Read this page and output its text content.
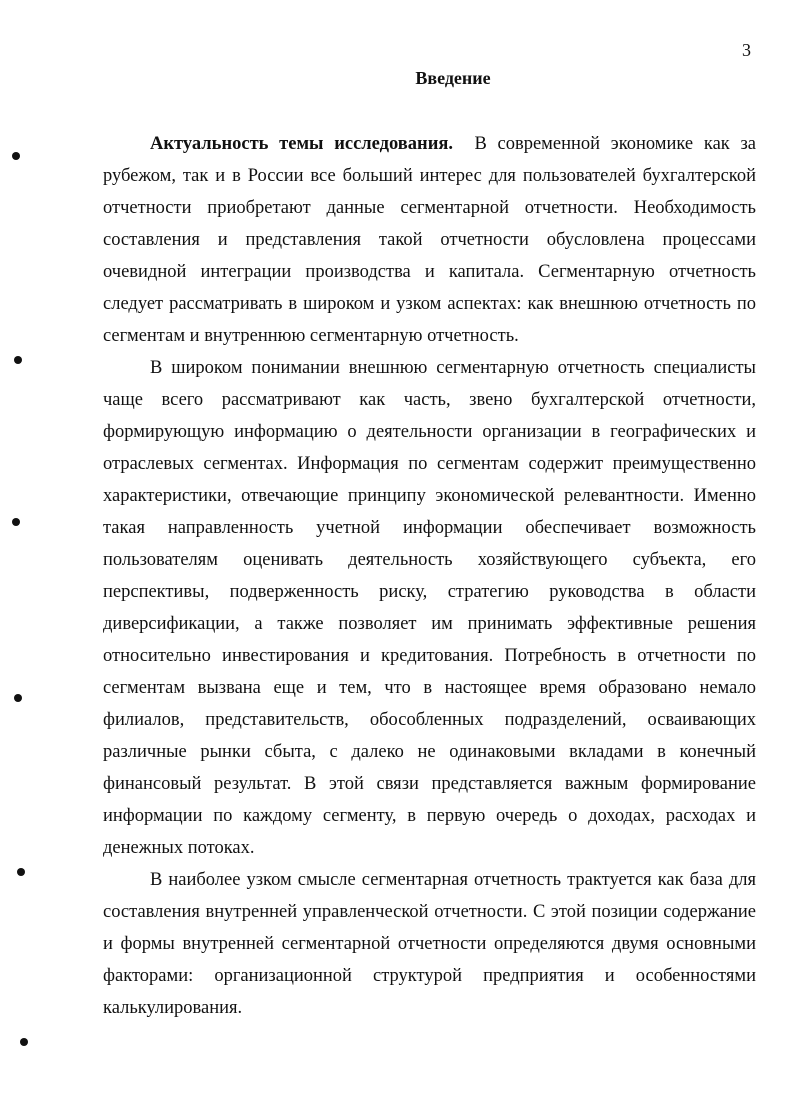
3
Введение

Актуальность темы исследования. В современной экономике как за рубежом, так и в России все больший интерес для пользователей бухгалтерской отчетности приобретают данные сегментарной отчетности. Необходимость составления и представления такой отчетности обусловлена процессами очевидной интеграции производства и капитала. Сегментарную отчетность следует рассматривать в широком и узком аспектах: как внешнюю отчетность по сегментам и внутреннюю сегментарную отчетность.

В широком понимании внешнюю сегментарную отчетность специалисты чаще всего рассматривают как часть, звено бухгалтерской отчетности, формирующую информацию о деятельности организации в географических и отраслевых сегментах. Информация по сегментам содержит преимущественно характеристики, отвечающие принципу экономической релевантности. Именно такая направленность учетной информации обеспечивает возможность пользователям оценивать деятельность хозяйствующего субъекта, его перспективы, подверженность риску, стратегию руководства в области диверсификации, а также позволяет им принимать эффективные решения относительно инвестирования и кредитования. Потребность в отчетности по сегментам вызвана еще и тем, что в настоящее время образовано немало филиалов, представительств, обособленных подразделений, осваивающих различные рынки сбыта, с далеко не одинаковыми вкладами в конечный финансовый результат. В этой связи представляется важным формирование информации по каждому сегменту, в первую очередь о доходах, расходах и денежных потоках.

В наиболее узком смысле сегментарная отчетность трактуется как база для составления внутренней управленческой отчетности. С этой позиции содержание и формы внутренней сегментарной отчетности определяются двумя основными факторами: организационной структурой предприятия и особенностями калькулирования.
